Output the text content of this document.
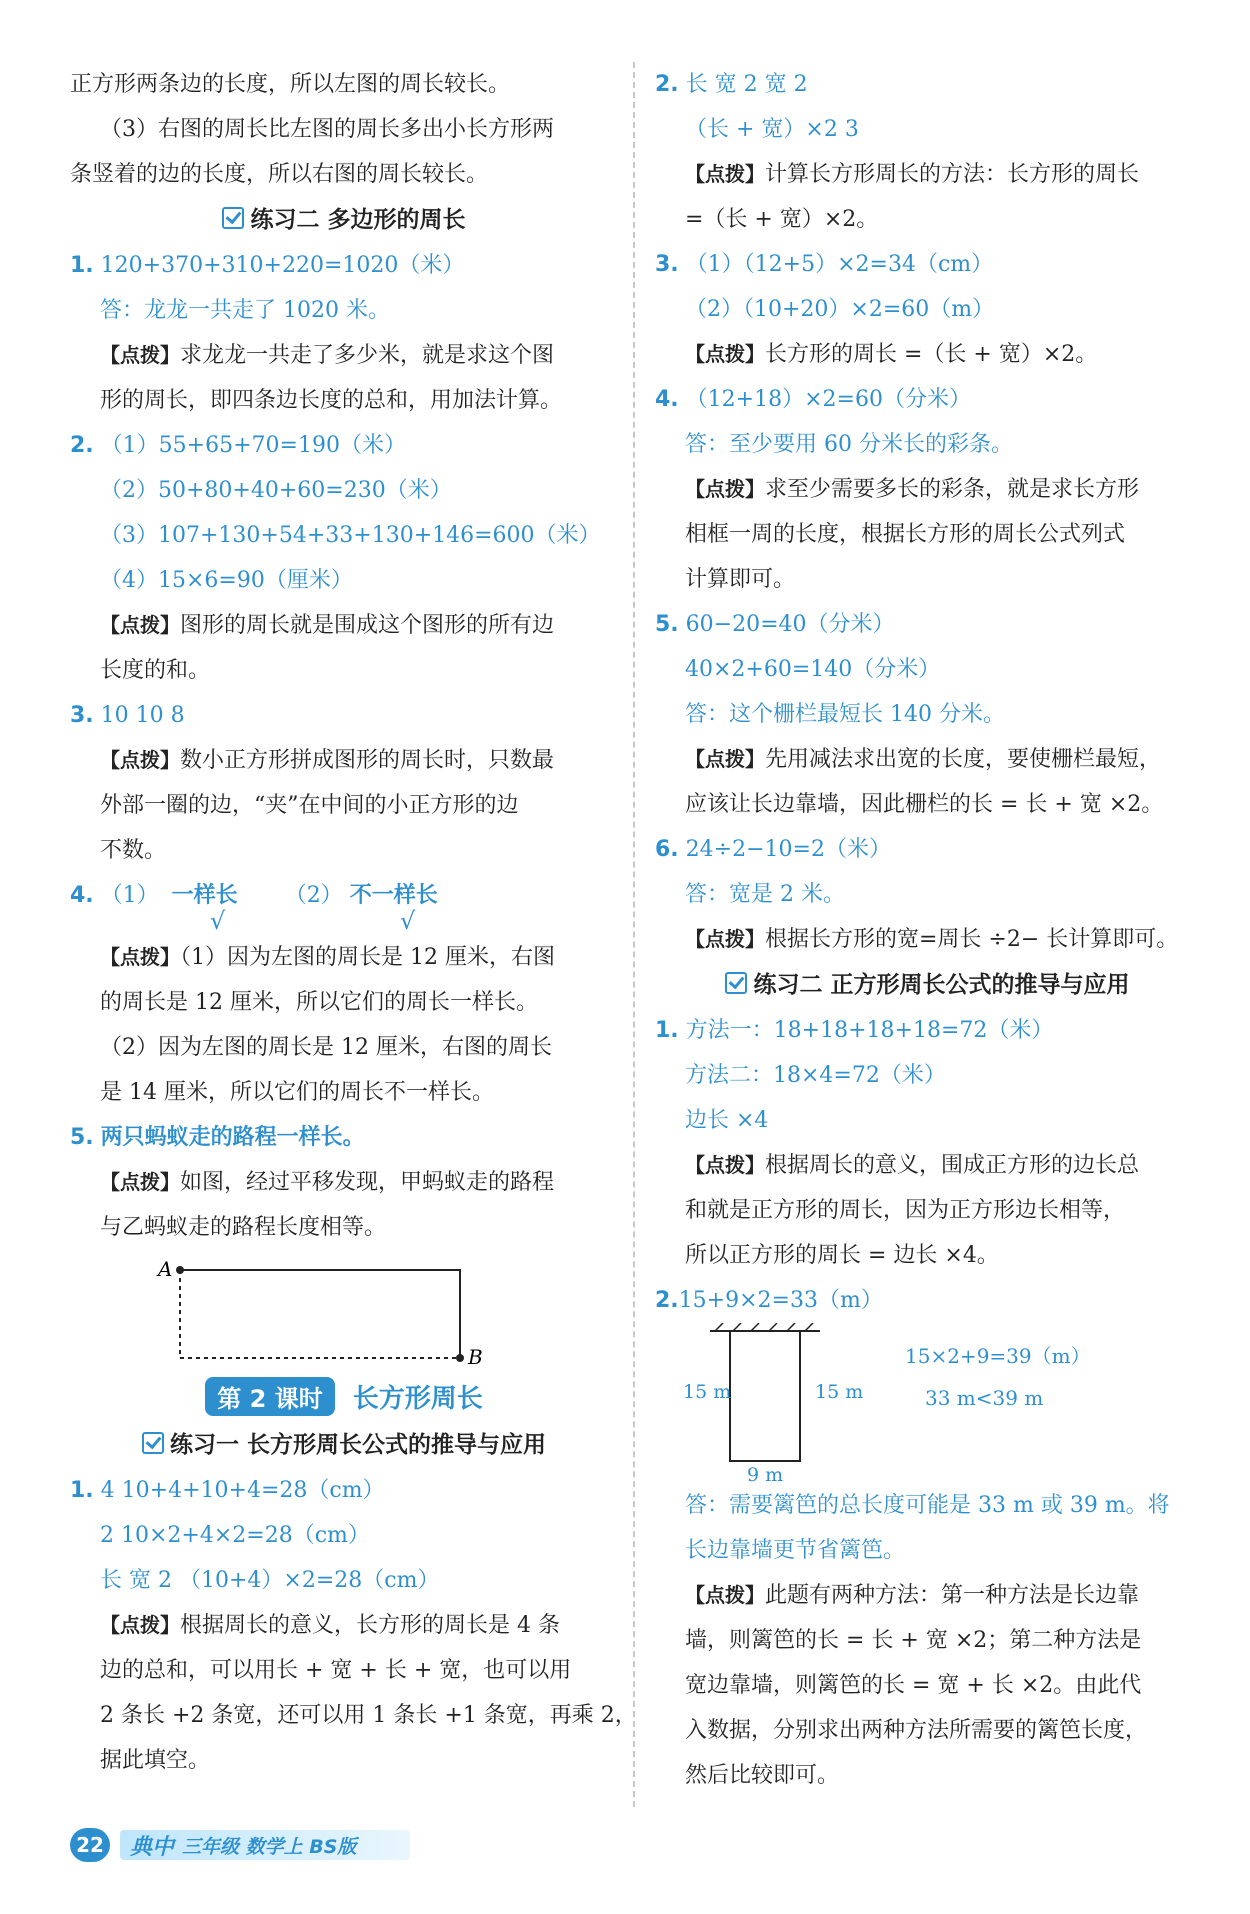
正方形两条边的长度，所以左图的周长较长。

（3）右图的周长比左图的周长多出小长方形两

条竖着的边的长度，所以右图的周长较长。

练习二 多边形的周长

1. 120+370+310+220=1020（米）

答：龙龙一共走了 1020 米。

【点拨】求龙龙一共走了多少米，就是求这个图

形的周长，即四条边长度的总和，用加法计算。

2. （1）55+65+70=190（米）

（2）50+80+40+60=230（米）

（3）107+130+54+33+130+146=600（米）

（4）15×6=90（厘米）

【点拨】图形的周长就是围成这个图形的所有边

长度的和。

3. 10 10 8

【点拨】数小正方形拼成图形的周长时，只数最

外部一圈的边，“夹”在中间的小正方形的边

不数。

4. （1） 一样长 （2） 不一样长

√	√

【点拨】（1）因为左图的周长是 12 厘米，右图

的周长是 12 厘米，所以它们的周长一样长。

（2）因为左图的周长是 12 厘米，右图的周长

是 14 厘米，所以它们的周长不一样长。

5. 两只蚂蚁走的路程一样长。

【点拨】如图，经过平移发现，甲蚂蚁走的路程

与乙蚂蚁走的路程长度相等。

A
B
第 2 课时	长方形周长

练习一 长方形周长公式的推导与应用

1. 4 10+4+10+4=28（cm）

2 10×2+4×2=28（cm）

长 宽 2 （10+4）×2=28（cm）

【点拨】根据周长的意义，长方形的周长是 4 条

边的总和，可以用长 + 宽 + 长 + 宽，也可以用

2 条长 +2 条宽，还可以用 1 条长 +1 条宽，再乘 2，

据此填空。

2. 长 宽 2 宽 2

（长 + 宽）×2 3

【点拨】计算长方形周长的方法：长方形的周长

=（长 + 宽）×2。

3. （1）（12+5）×2=34（cm）

（2）（10+20）×2=60（m）

【点拨】长方形的周长 =（长 + 宽）×2。

4. （12+18）×2=60（分米）

答：至少要用 60 分米长的彩条。

【点拨】求至少需要多长的彩条，就是求长方形

相框一周的长度，根据长方形的周长公式列式

计算即可。

5. 60−20=40（分米）

40×2+60=140（分米）

答：这个栅栏最短长 140 分米。

【点拨】先用减法求出宽的长度，要使栅栏最短，

应该让长边靠墙，因此栅栏的长 = 长 + 宽 ×2。

6. 24÷2−10=2（米）

答：宽是 2 米。

【点拨】根据长方形的宽=周长 ÷2− 长计算即可。

练习二 正方形周长公式的推导与应用

1. 方法一：18+18+18+18=72（米）

方法二：18×4=72（米）

边长 ×4

【点拨】根据周长的意义，围成正方形的边长总

和就是正方形的周长，因为正方形边长相等，

所以正方形的周长 = 边长 ×4。

2.15+9×2=33（m）

15 m	15 m
9 m
15×2+9=39（m）
33 m<39 m

答：需要篱笆的总长度可能是 33 m 或 39 m。将

长边靠墙更节省篱笆。

【点拨】此题有两种方法：第一种方法是长边靠

墙，则篱笆的长 = 长 + 宽 ×2；第二种方法是

宽边靠墙，则篱笆的长 = 宽 + 长 ×2。由此代

入数据，分别求出两种方法所需要的篱笆长度，

然后比较即可。

22 典中 三年级 数学上 BS版
